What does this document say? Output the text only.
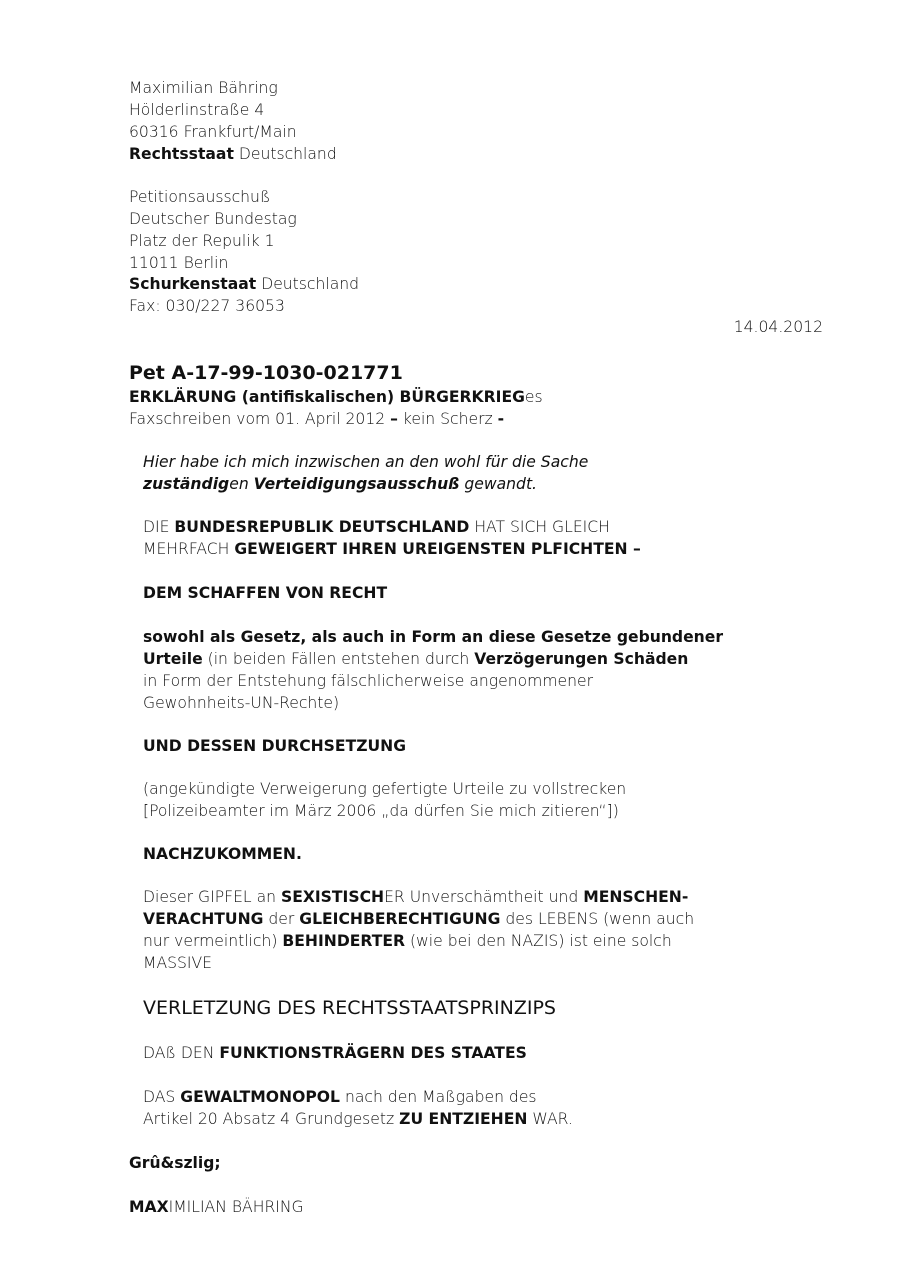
Maximilian Bähring
Hölderlinstraße 4
60316 Frankfurt/Main
Rechtsstaat Deutschland
Petitionsausschuß
Deutscher Bundestag
Platz der Repulik 1
11011 Berlin
Schurkenstaat Deutschland
Fax: 030/227 36053
14.04.2012
Pet A-17-99-1030-021771
ERKLÄRUNG (antifiskalischen) BÜRGERKRIEGes
Faxschreiben vom 01. April 2012 – kein Scherz -
Hier habe ich mich inzwischen an den wohl für die Sache
zuständigen Verteidigungsausschuß gewandt.
DIE BUNDESREPUBLIK DEUTSCHLAND HAT SICH GLEICH
MEHRFACH GEWEIGERT IHREN UREIGENSTEN PLFICHTEN –
DEM SCHAFFEN VON RECHT
sowohl als Gesetz, als auch in Form an diese Gesetze gebundener
Urteile (in beiden Fällen entstehen durch Verzögerungen Schäden
in Form der Entstehung fälschlicherweise angenommener
Gewohnheits-UN-Rechte)
UND DESSEN DURCHSETZUNG
(angekündigte Verweigerung gefertigte Urteile zu vollstrecken
[Polizeibeamter im März 2006 „da dürfen Sie mich zitieren“])
NACHZUKOMMEN.
Dieser GIPFEL an SEXISTISCHER Unverschämtheit und MENSCHEN-
VERACHTUNG der GLEICHBERECHTIGUNG des LEBENS (wenn auch
nur vermeintlich) BEHINDERTER (wie bei den NAZIS) ist eine solch
MASSIVE
VERLETZUNG DES RECHTSSTAATSPRINZIPS
DAß DEN FUNKTIONSTRÄGERN DES STAATES
DAS GEWALTMONOPOL nach den Maßgaben des
Artikel 20 Absatz 4 Grundgesetz ZU ENTZIEHEN WAR.
Grû&szlig;
MAXIMILIAN BÄHRING
